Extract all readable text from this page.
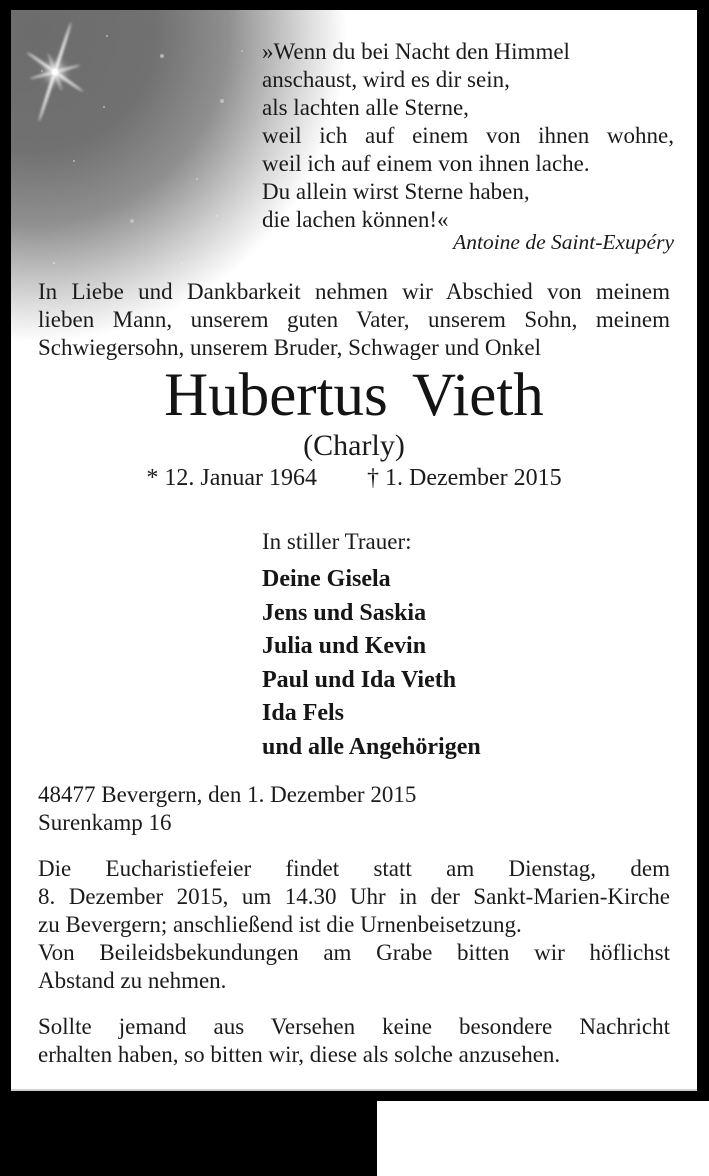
»Wenn du bei Nacht den Himmel
anschaust, wird es dir sein,
als lachten alle Sterne,
weil ich auf einem von ihnen wohne,
weil ich auf einem von ihnen lache.
Du allein wirst Sterne haben,
die lachen können!«
Antoine de Saint-Exupéry
In Liebe und Dankbarkeit nehmen wir Abschied von meinem
lieben Mann, unserem guten Vater, unserem Sohn, meinem
Schwiegersohn, unserem Bruder, Schwager und Onkel
Hubertus Vieth
(Charly)
* 12. Januar 1964 † 1. Dezember 2015
In stiller Trauer:
Deine Gisela
Jens und Saskia
Julia und Kevin
Paul und Ida Vieth
Ida Fels
und alle Angehörigen
48477 Bevergern, den 1. Dezember 2015
Surenkamp 16
Die Eucharistiefeier findet statt am Dienstag, dem
8. Dezember 2015, um 14.30 Uhr in der Sankt-Marien-Kirche
zu Bevergern; anschließend ist die Urnenbeisetzung.
Von Beileidsbekundungen am Grabe bitten wir höflichst
Abstand zu nehmen.
Sollte jemand aus Versehen keine besondere Nachricht
erhalten haben, so bitten wir, diese als solche anzusehen.
